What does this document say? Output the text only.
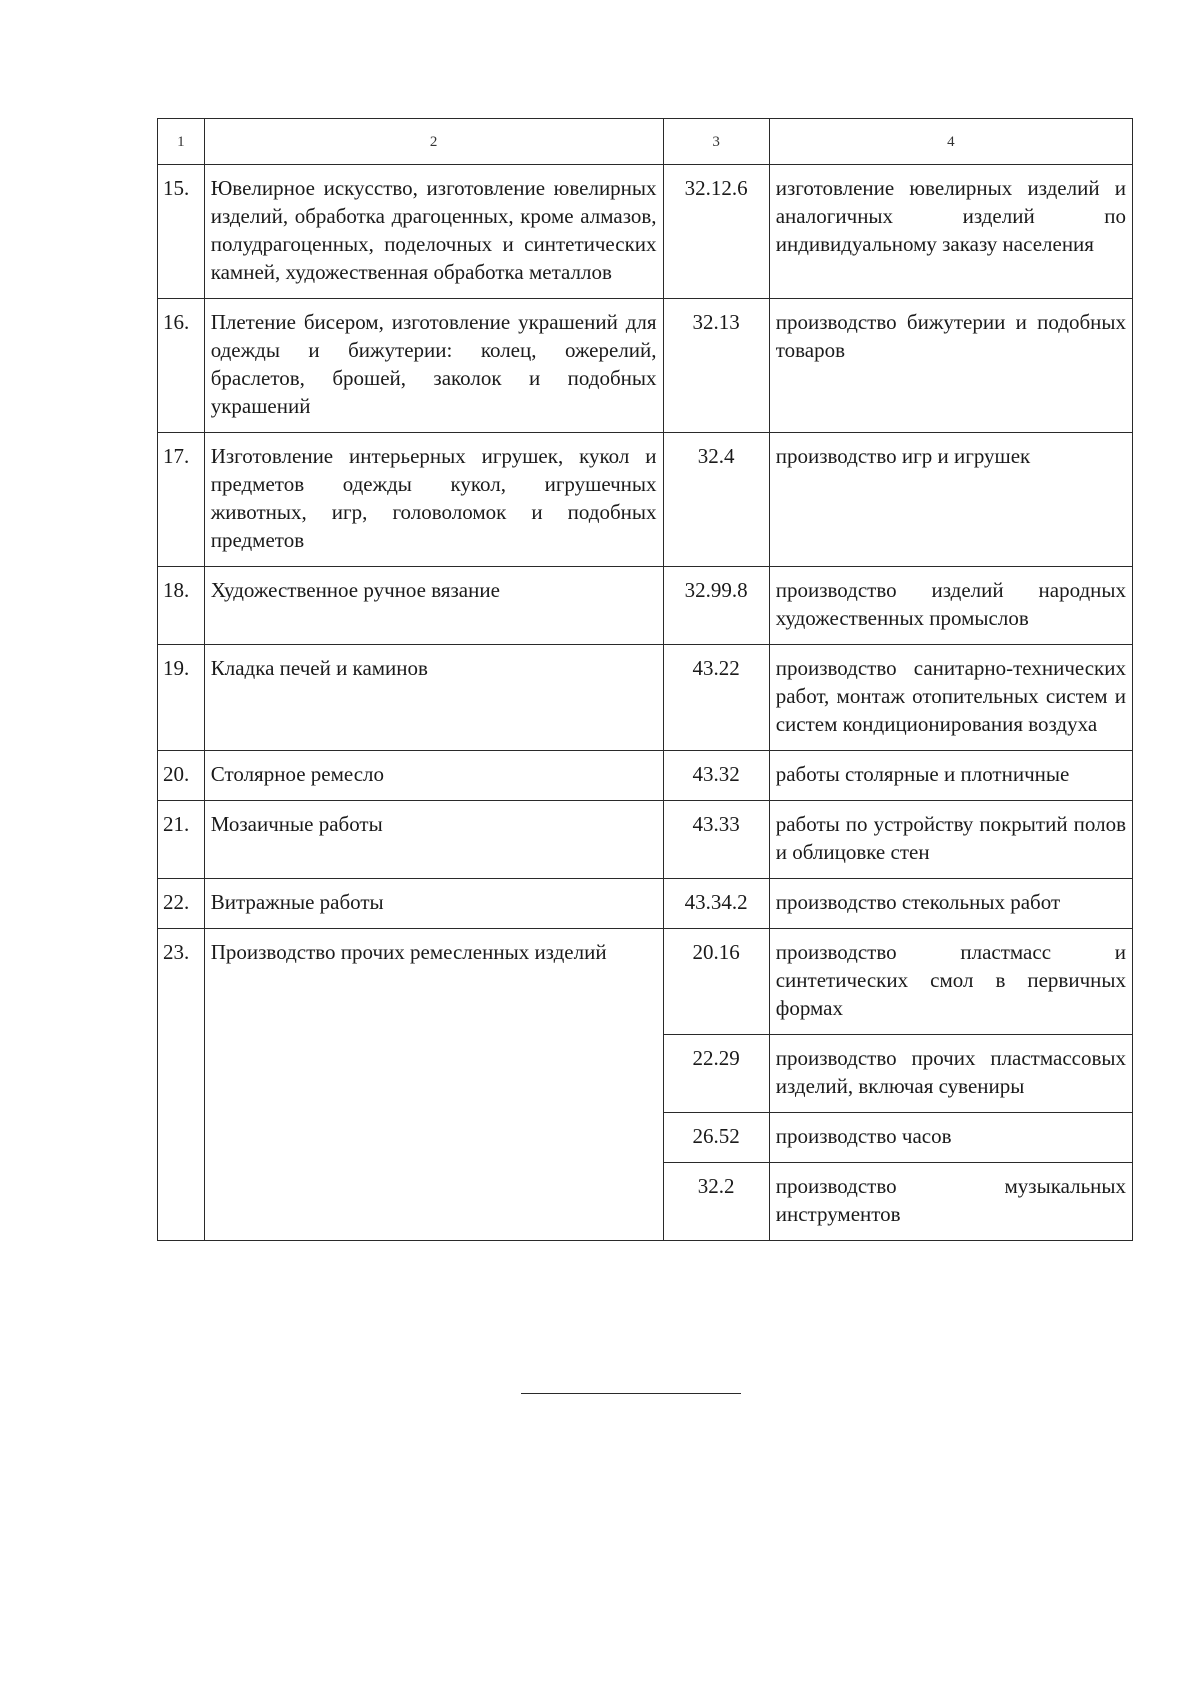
1	2	3	4
15.	Ювелирное искусство, изготовление ювелирных изделий, обработка драгоценных, кроме алмазов, полудрагоценных, поделочных и синтетических камней, художественная обработка металлов	32.12.6	изготовление ювелирных изделий и аналогичных изделий по индивидуальному заказу населения
16.	Плетение бисером, изготовление украшений для одежды и бижутерии: колец, ожерелий, браслетов, брошей, заколок и подобных украшений	32.13	производство бижутерии и подобных товаров
17.	Изготовление интерьерных игрушек, кукол и предметов одежды кукол, игрушечных животных, игр, головоломок и подобных предметов	32.4	производство игр и игрушек
18.	Художественное ручное вязание	32.99.8	производство изделий народных художественных промыслов
19.	Кладка печей и каминов	43.22	производство санитарно-технических работ, монтаж отопительных систем и систем кондиционирования воздуха
20.	Столярное ремесло	43.32	работы столярные и плотничные
21.	Мозаичные работы	43.33	работы по устройству покрытий полов и облицовке стен
22.	Витражные работы	43.34.2	производство стекольных работ
23.	Производство прочих ремесленных изделий	20.16	производство пластмасс и синтетических смол в первичных формах
		22.29	производство прочих пластмассовых изделий, включая сувениры
		26.52	производство часов
		32.2	производство музыкальных инструментов
